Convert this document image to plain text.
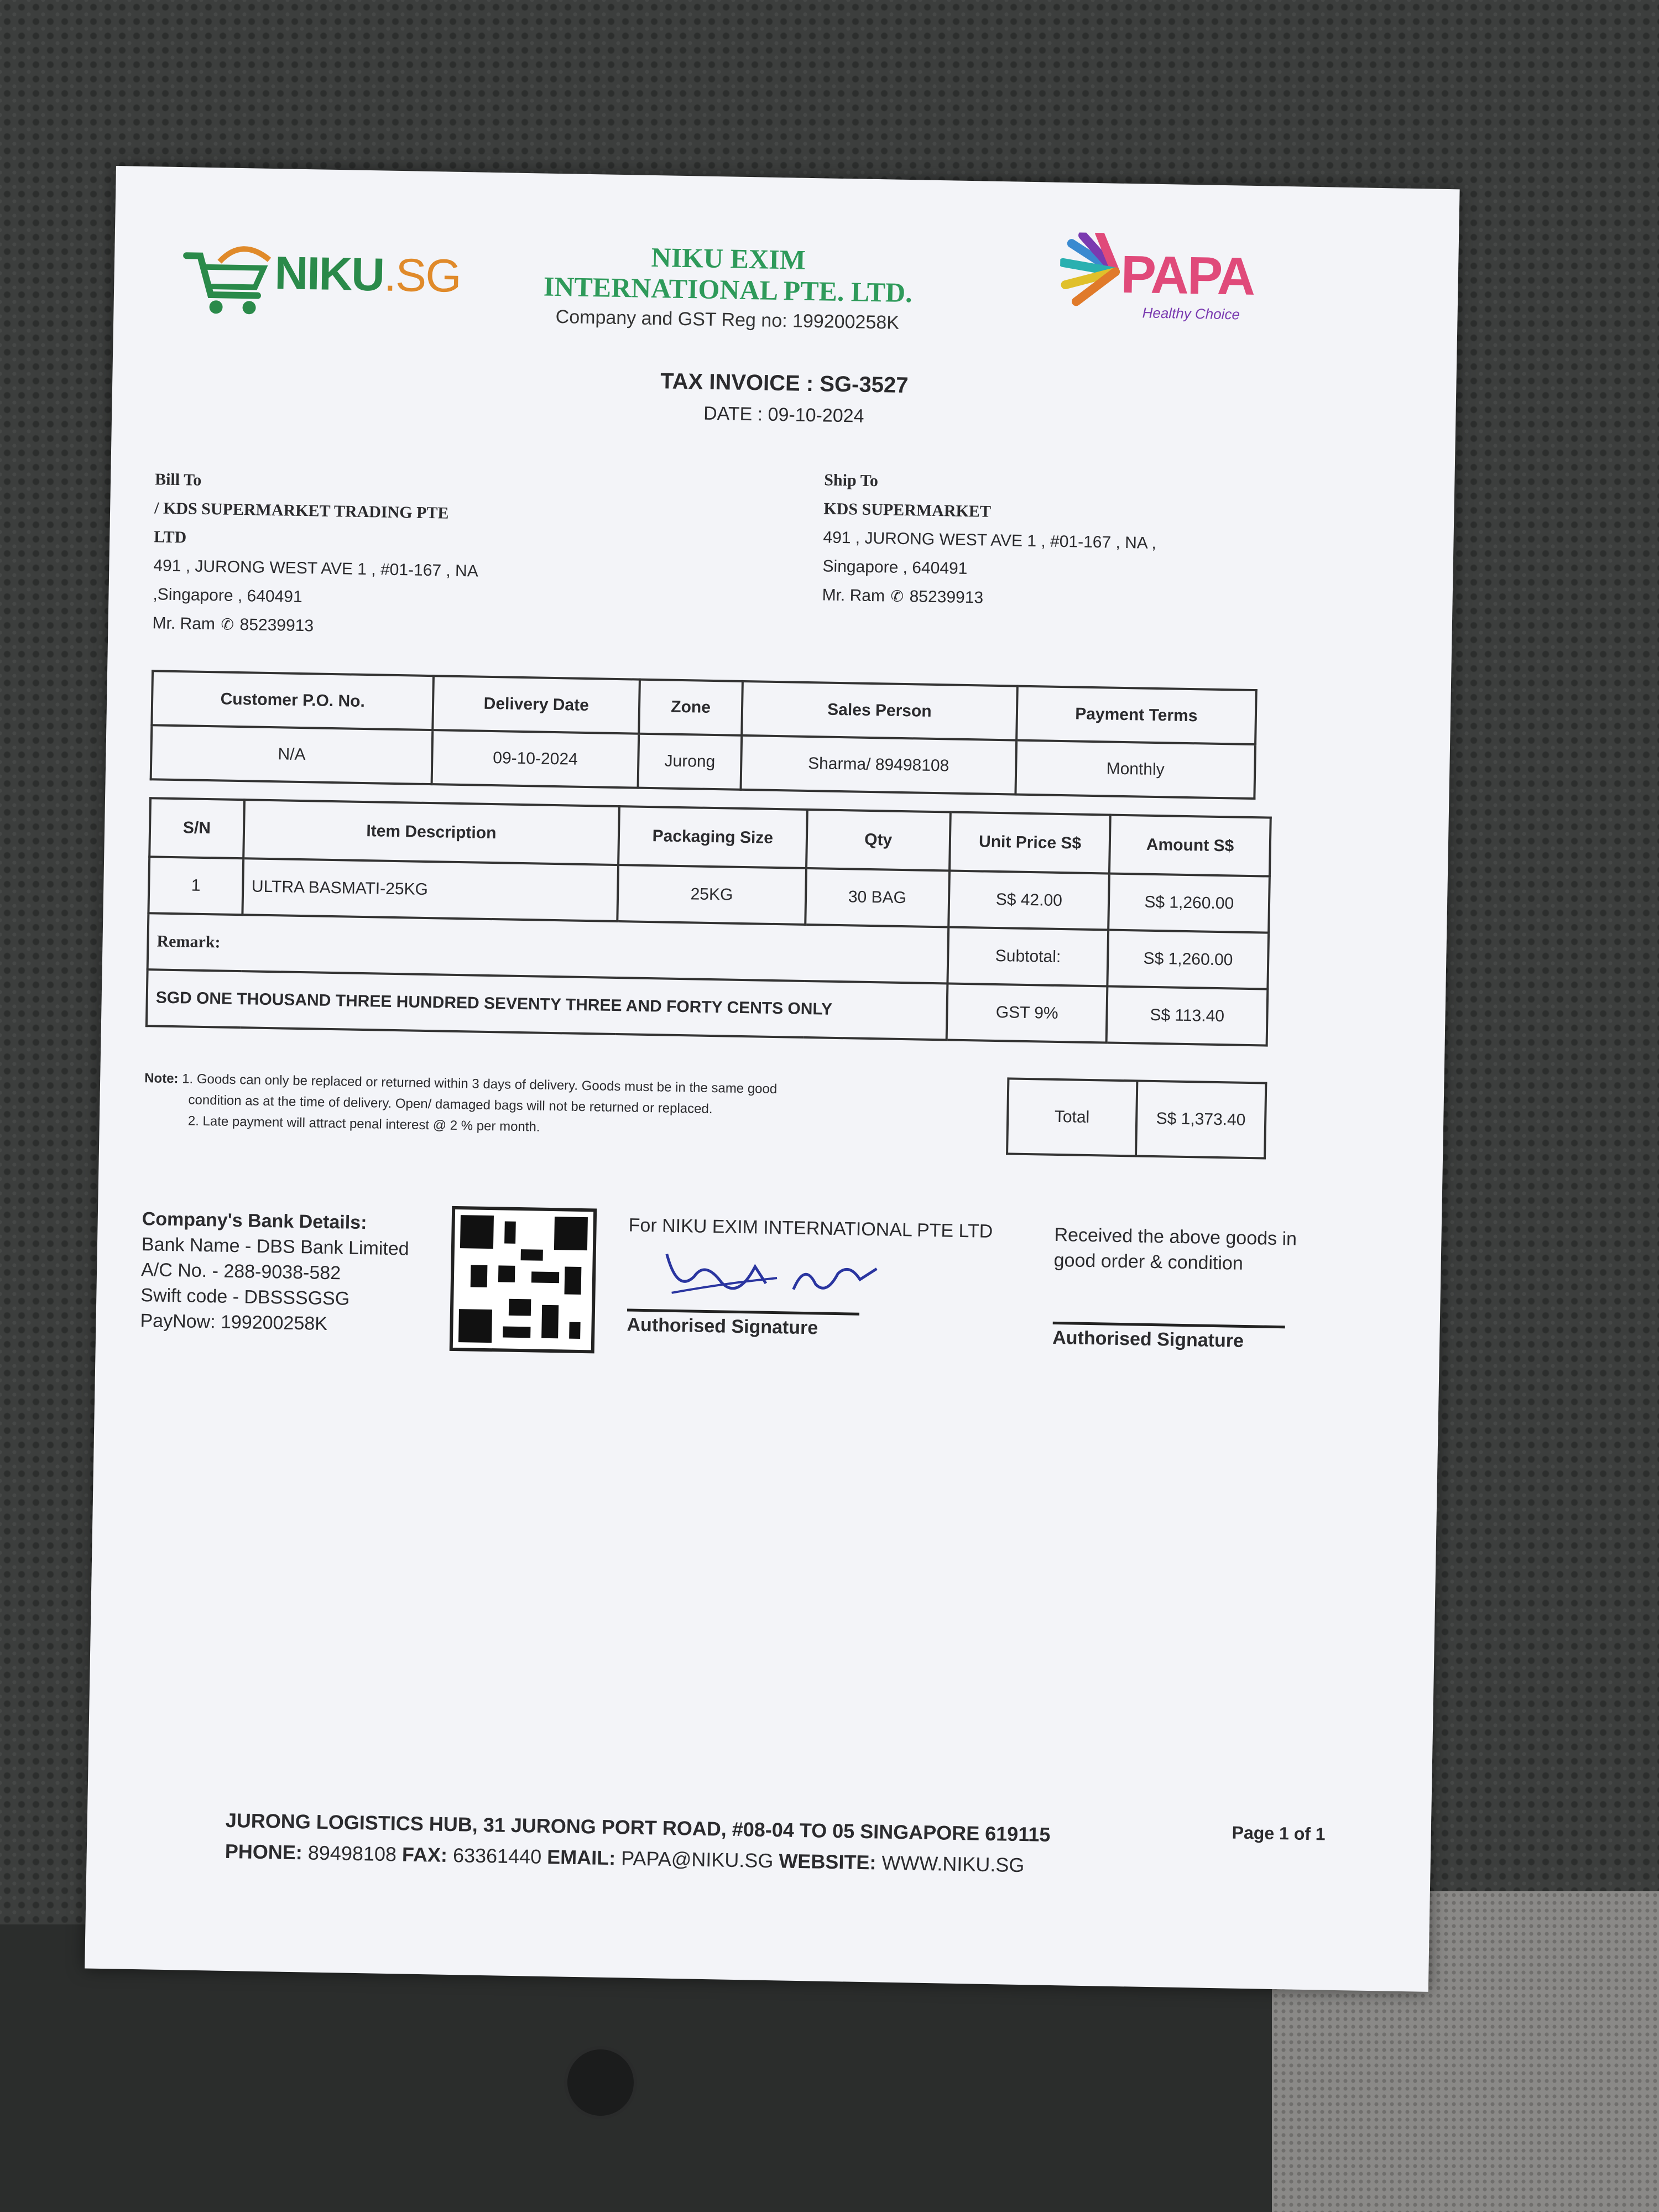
NIKU.SG	NIKU EXIM
INTERNATIONAL PTE. LTD.
Company and GST Reg no: 199200258K
PAPA
Healthy Choice
TAX INVOICE : SG-3527
DATE : 09-10-2024
Bill To
/ KDS SUPERMARKET TRADING PTE
LTD
491 , JURONG WEST AVE 1 , #01-167 , NA
,Singapore , 640491
Mr. Ram ✆ 85239913
Ship To
KDS SUPERMARKET
491 , JURONG WEST AVE 1 , #01-167 , NA ,
Singapore , 640491
Mr. Ram ✆ 85239913
Customer P.O. No.	Delivery Date	Zone	Sales Person	Payment Terms
N/A	09-10-2024	Jurong	Sharma/ 89498108	Monthly
S/N	Item Description	Packaging Size	Qty	Unit Price S$	Amount S$
1	ULTRA BASMATI-25KG	25KG	30 BAG	S$ 42.00	S$ 1,260.00
Remark:				Subtotal:	S$ 1,260.00
SGD ONE THOUSAND THREE HUNDRED SEVENTY THREE AND FORTY CENTS ONLY				GST 9%	S$ 113.40
Total	S$ 1,373.40
Note: 1. Goods can only be replaced or returned within 3 days of delivery. Goods must be in the same good
condition as at the time of delivery. Open/ damaged bags will not be returned or replaced.
2. Late payment will attract penal interest @ 2 % per month.
Company's Bank Details:
Bank Name - DBS Bank Limited
A/C No. - 288-9038-582
Swift code - DBSSSGSG
PayNow: 199200258K
For NIKU EXIM INTERNATIONAL PTE LTD
Authorised Signature
Received the above goods in good order & condition
Authorised Signature
JURONG LOGISTICS HUB, 31 JURONG PORT ROAD, #08-04 TO 05 SINGAPORE 619115
PHONE: 89498108 FAX: 63361440 EMAIL: PAPA@NIKU.SG WEBSITE: WWW.NIKU.SG
Page 1 of 1
